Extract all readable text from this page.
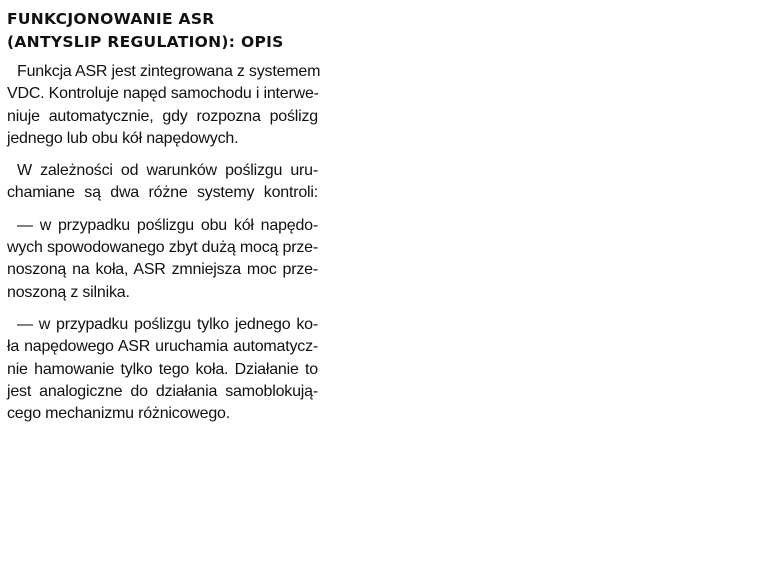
FUNKCJONOWANIE ASR
(ANTYSLIP REGULATION): OPIS

Funkcja ASR jest zintegrowana z systemem
VDC. Kontroluje napęd samochodu i interwe-
niuje automatycznie, gdy rozpozna poślizg
jednego lub obu kół napędowych.

W zależności od warunków poślizgu uru-
chamiane są dwa różne systemy kontroli:

— w przypadku poślizgu obu kół napędo-
wych spowodowanego zbyt dużą mocą prze-
noszoną na koła, ASR zmniejsza moc prze-
noszoną z silnika.

— w przypadku poślizgu tylko jednego ko-
ła napędowego ASR uruchamia automatycz-
nie hamowanie tylko tego koła. Działanie to
jest analogiczne do działania samoblokują-
cego mechanizmu różnicowego.
